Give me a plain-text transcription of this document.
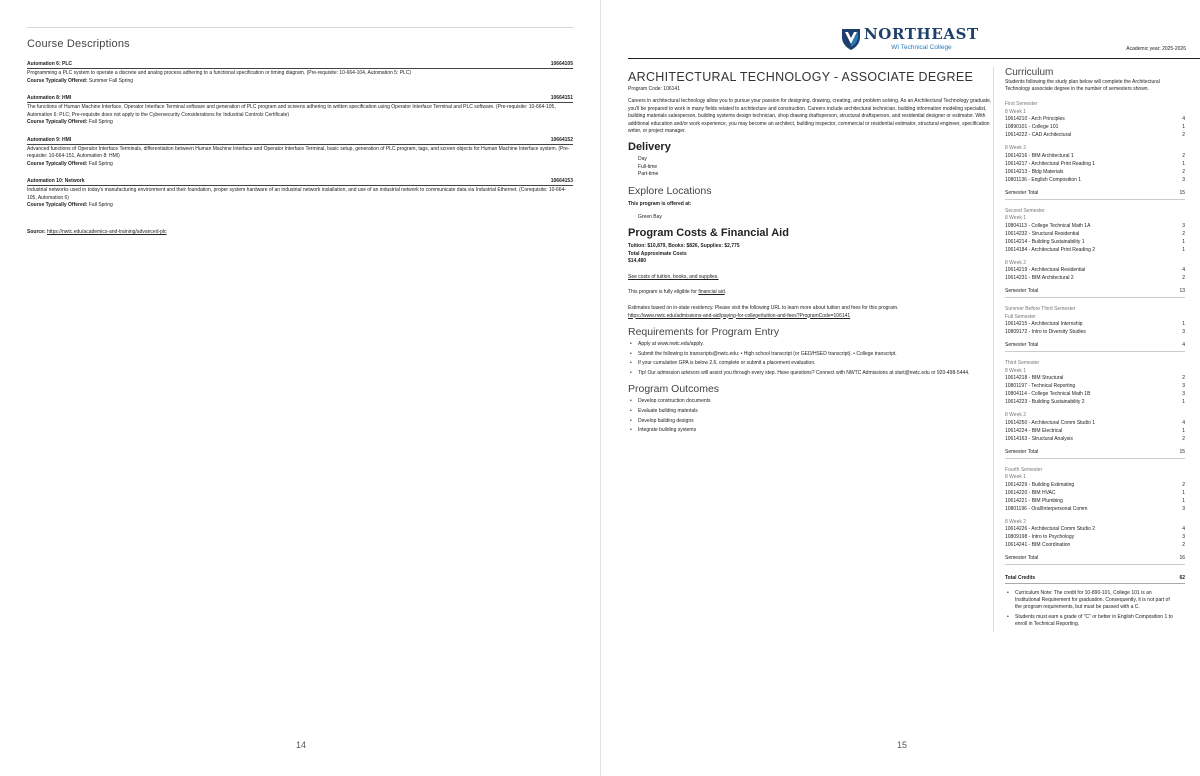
Course Descriptions
Automation 6: PLC	10664105
Programming a PLC system to operate a discrete and analog process adhering to a functional specification or timing diagram. (Pre-requisite: 10-664-104, Automation 5: PLC)
Course Typically Offered: Summer Fall Spring
Automation 8: HMI	10664151
The functions of Human Machine Interface, Operator Interface Terminal software and generation of PLC program and screens adhering to written specification using Operator Interface Terminal and PLC software. (Pre-requisite: 10-664-105, Automation 6: PLC; Pre-requisite does not apply to the Cybersecurity Considerations for Industrial Controls Certificate)
Course Typically Offered: Fall Spring
Automation 9: HMI	10664152
Advanced functions of Operator Interface Terminals, differentiation between Human Machine Interface and Operator Interface Terminal, basic setup, generation of PLC program, tags, and screen objects for Human Machine Interface system. (Pre-requisite: 10-664-151, Automation 8: HMI)
Course Typically Offered: Fall Spring
Automation 10: Network	10664153
Industrial networks used in today's manufacturing environment and their foundation, proper system hardware of an industrial network installation, and use of an industrial network to communicate data via Industrial Ethernet. (Corequisite: 10-664-105, Automation 6)
Course Typically Offered: Fall Spring
Source: https://nwtc.edu/academics-and-training/advanced-plc
14
NORTHEAST
WI Technical College	Academic year: 2025-2026
ARCHITECTURAL TECHNOLOGY - ASSOCIATE DEGREE
Program Code: 106141
Careers in architectural technology allow you to pursue your passion for designing, drawing, creating, and problem solving. As an Architectural Technology graduate, you'll be prepared to work in many fields related to architecture and construction. Careers include architectural technician, building information modeling specialist, building materials salesperson, building systems design technician, shop drawing draftsperson, structural draftsperson, and residential designer or estimator. With additional education and/or work experience, you may become an architect, building inspector, commercial or residential estimator, structural engineer, specification writer, or project manager.
Delivery
Day
Full-time
Part-time
Explore Locations
This program is offered at:
Green Bay
Program Costs & Financial Aid
Tuition: $10,879, Books: $826, Supplies: $2,775
Total Approximate Costs
$14,480
See costs of tuition, books, and supplies.
This program is fully eligible for financial aid.
Estimates based on in-state residency. Please visit the following URL to learn more about tuition and fees for this program.
https://www.nwtc.edu/admissions-and-aid/paying-for-college/tuition-and-fees?ProgramCode=106141
Requirements for Program Entry
• Apply at www.nwtc.edu/apply.
• Submit the following to transcripts@nwtc.edu: • High school transcript (or GED/HSED transcript). • College transcript.
• If your cumulative GPA is below 2.6, complete or submit a placement evaluation.
• Tip! Our admission advisors will assist you through every step. Have questions? Connect with NWTC Admissions at start@nwtc.edu or 920-498-5444.
Program Outcomes
• Develop construction documents
• Evaluate building materials
• Develop building designs
• Integrate building systems
Curriculum
Students following the study plan below will complete the Architectural Technology associate degree in the number of semesters shown.
First Semester
8 Week 1
10614210 - Arch Principles	4
10890101 - College 101	1
10614222 - CAD Architectural	2
8 Week 2
10614216 - BIM Architectural 1	2
10614217 - Architectural Print Reading 1	1
10614213 - Bldg Materials	2
10801136 - English Composition 1	3
Semester Total	15
Second Semester
8 Week 1
10804113 - College Technical Math 1A	3
10614232 - Structural Residential	2
10614214 - Building Sustainability 1	1
10614184 - Architectural Print Reading 2	1
8 Week 2
10614219 - Architectural Residential	4
10614231 - BIM Architectural 2	2
Semester Total	13
Summer Before Third Semester
Full Semester
10614215 - Architectural Internship	1
10809172 - Intro to Diversity Studies	3
Semester Total	4
Third Semester
8 Week 1
10614218 - BIM Structural	2
10801197 - Technical Reporting	3
10804114 - College Technical Math 1B	3
10614223 - Building Sustainability 2	1
8 Week 2
10614250 - Architectural Comm Studio 1	4
10614224 - BIM Electrical	1
10614163 - Structural Analysis	2
Semester Total	15
Fourth Semester
8 Week 1
10614229 - Building Estimating	2
10614220 - BIM HVAC	1
10614221 - BIM Plumbing	1
10801196 - Oral/Interpersonal Comm	3
8 Week 2
10614226 - Architectural Comm Studio 2	4
10809198 - Intro to Psychology	3
10614241 - BIM Coordination	2
Semester Total	16
Total Credits	62
• Curriculum Note: The credit for 10-890-101, College 101 is an Institutional Requirement for graduation. Consequently, it is not part of the program requirements, but must be passed with a C.
• Students must earn a grade of "C" or better in English Composition 1 to enroll in Technical Reporting.
15
